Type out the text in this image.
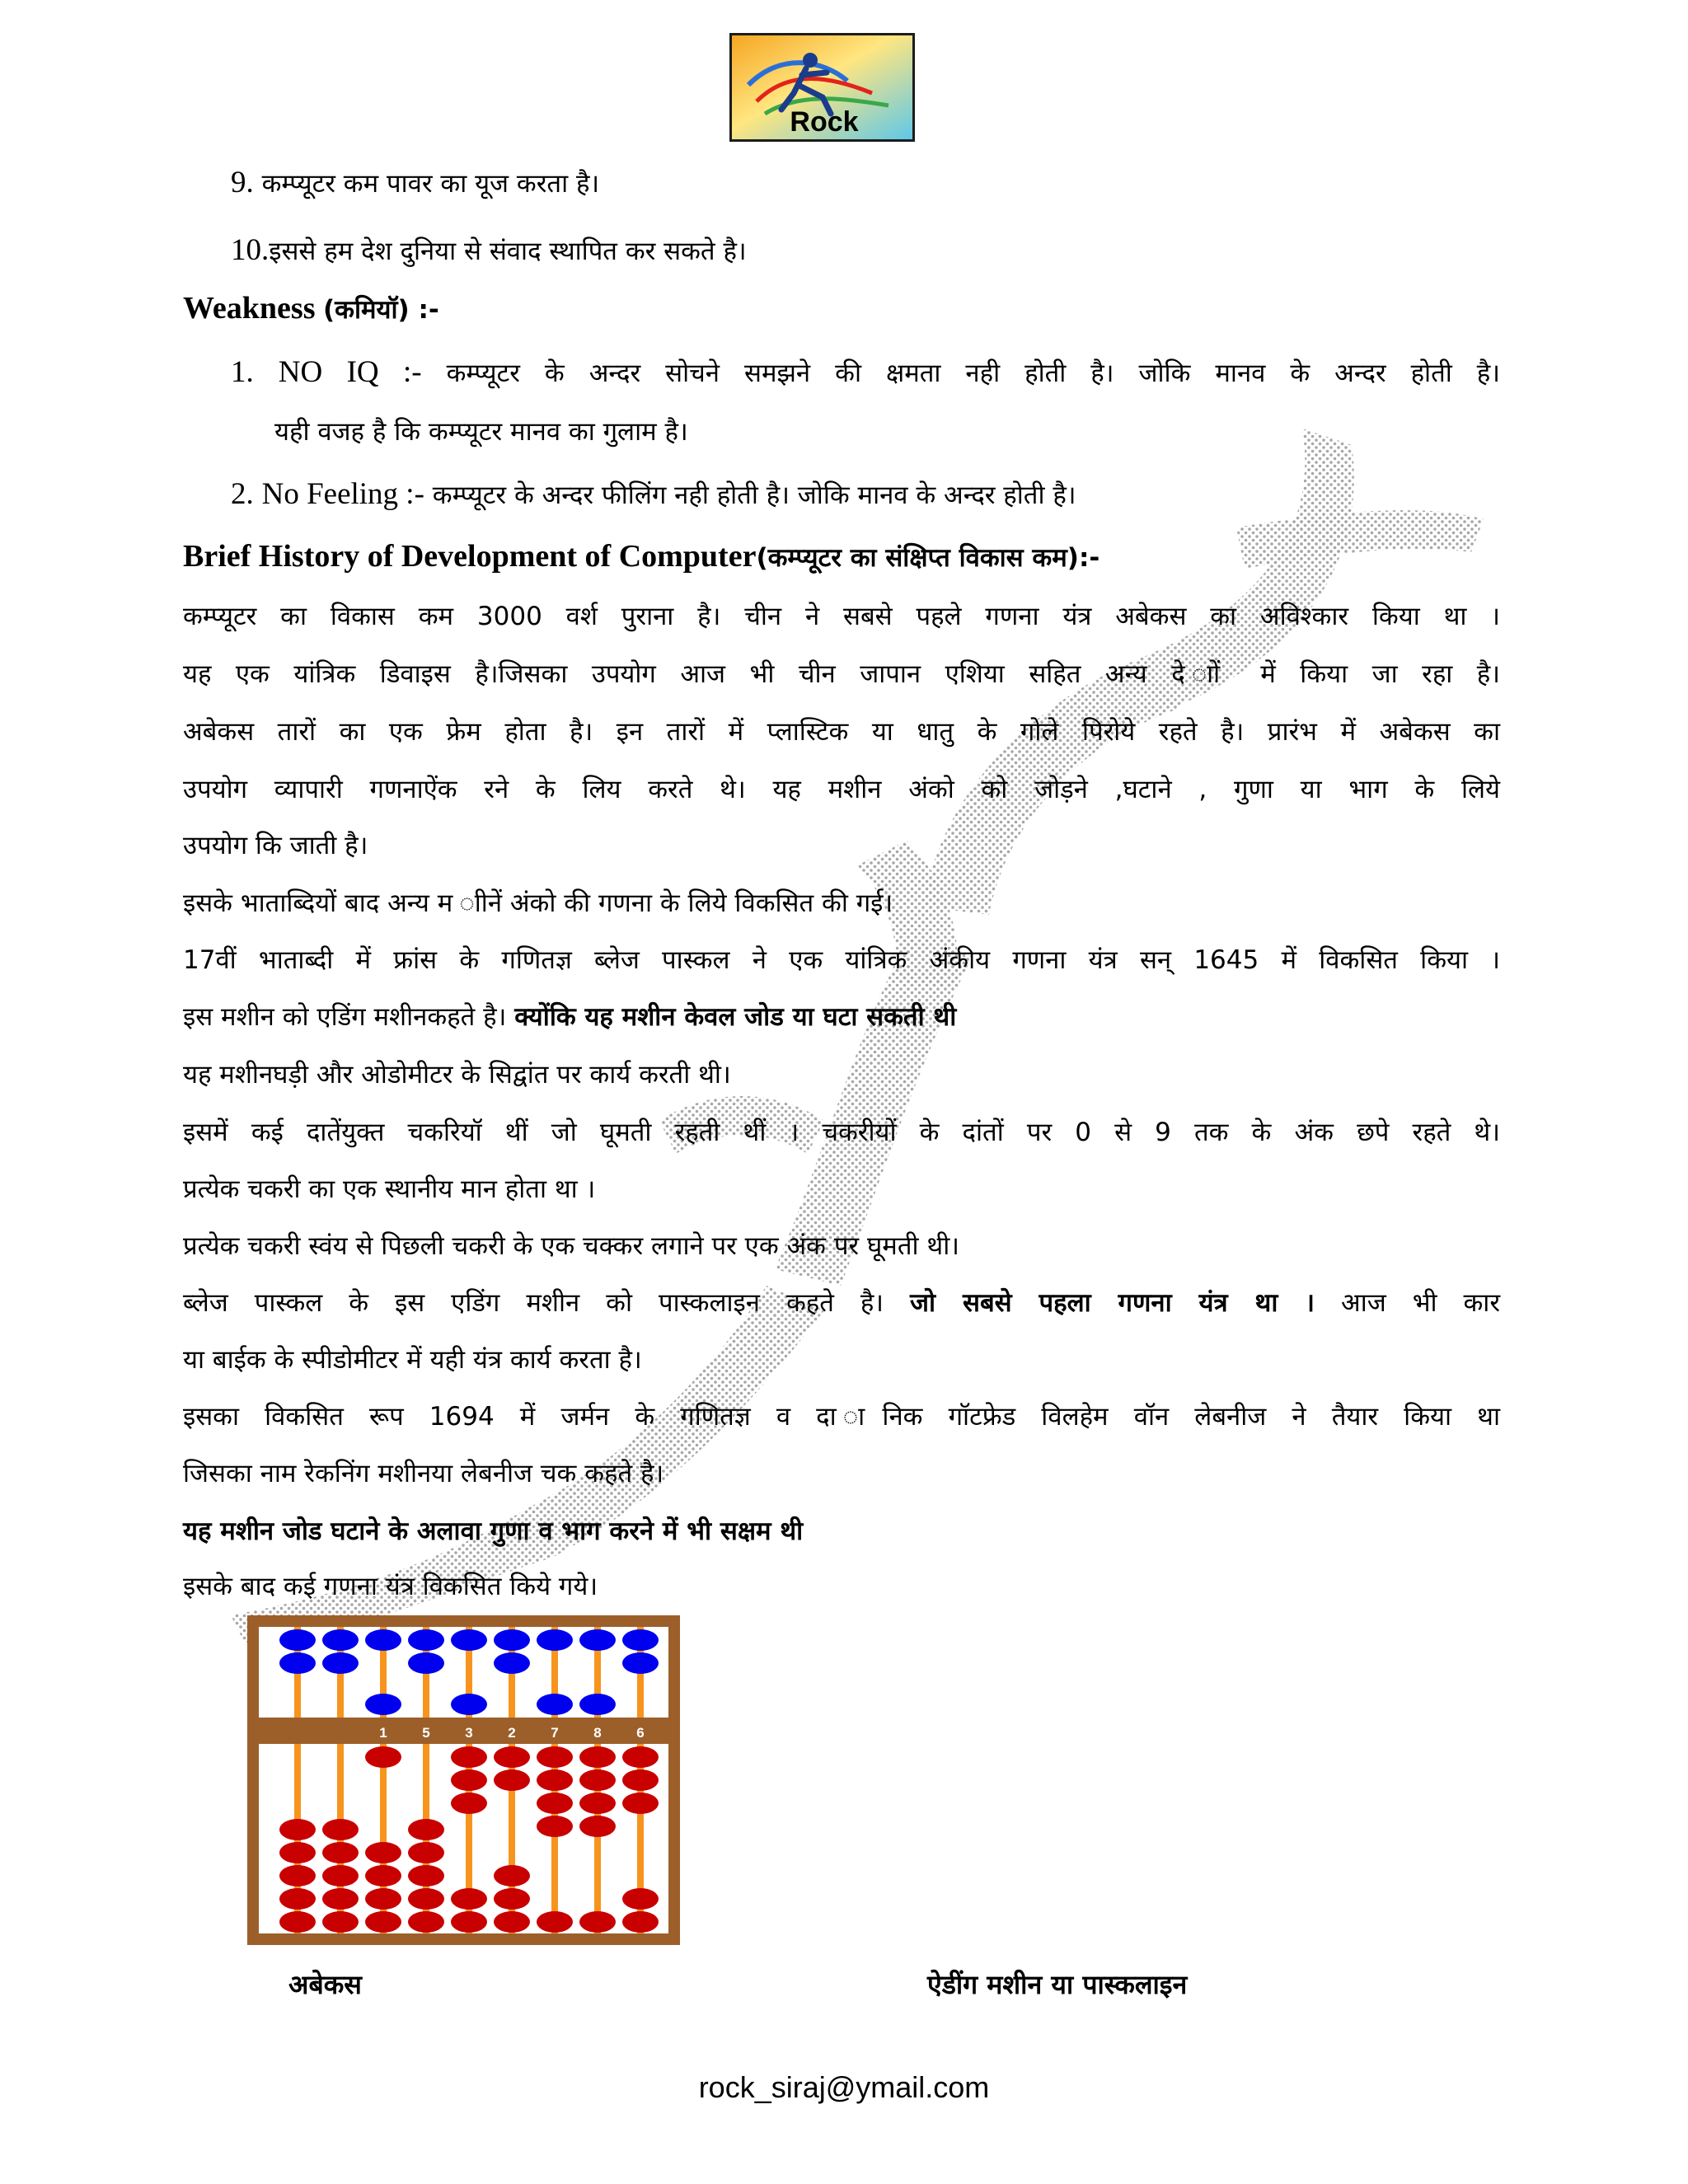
Rock
9. कम्प्यूटर कम पावर का यूज करता है।
10.इससे हम देश दुनिया से संवाद स्थापित कर सकते है।
Weakness (कमियॉ) :-
1. NO IQ :- कम्प्यूटर के अन्दर सोचने समझने की क्षमता नही होती है। जोकि मानव के अन्दर होती है।
यही वजह है कि कम्प्यूटर मानव का गुलाम है।
2. No Feeling :- कम्प्यूटर के अन्दर फीलिंग नही होती है। जोकि मानव के अन्दर होती है।
Brief History of Development of Computer(कम्प्यूटर का संक्षिप्त विकास कम):-
कम्प्यूटर का विकास कम 3000 वर्श पुराना है। चीन ने सबसे पहले गणना यंत्र अबेकस का अविश्कार किया था ।
यह एक यांत्रिक डिवाइस है।जिसका उपयोग आज भी चीन जापान एशिया सहित अन्य दे ाों में किया जा रहा है।
अबेकस तारों का एक फ्रेम होता है। इन तारों में प्लास्टिक या धातु के गोले पिरोये रहते है। प्रारंभ में अबेकस का
उपयोग व्यापारी गणनाऐंक रने के लिय करते थे। यह मशीन अंको को जोड़ने ,घटाने , गुणा या भाग के लिये
उपयोग कि जाती है।
इसके भाताब्दियों बाद अन्य म ाीनें अंको की गणना के लिये विकसित की गई।
17वीं भाताब्दी में फ्रांस के गणितज्ञ ब्लेज पास्कल ने एक यांत्रिक अंकीय गणना यंत्र सन् 1645 में विकसित किया ।
इस मशीन को एडिंग मशीनकहते है। क्योंकि यह मशीन केवल जोड या घटा सकती थी
यह मशीनघड़ी और ओडोमीटर के सिद्वांत पर कार्य करती थी।
इसमें कई दातेंयुक्त चकरियॉ थीं जो घूमती रहती थीं । चकरीयों के दांतों पर 0 से 9 तक के अंक छपे रहते थे।
प्रत्येक चकरी का एक स्थानीय मान होता था ।
प्रत्येक चकरी स्वंय से पिछली चकरी के एक चक्कर लगाने पर एक अंक पर घूमती थी।
ब्लेज पास्कल के इस एडिंग मशीन को पास्कलाइन कहते है। जो सबसे पहला गणना यंत्र था । आज भी कार
या बाईक के स्पीडोमीटर में यही यंत्र कार्य करता है।
इसका विकसित रूप 1694 में जर्मन के गणितज्ञ व दा ानिक गॉटफ्रेड विलहेम वॉन लेबनीज ने तैयार किया था
जिसका नाम रेकनिंग मशीनया लेबनीज चक कहते है।
यह मशीन जोड घटाने के अलावा गुणा व भाग करने में भी सक्षम थी
इसके बाद कई गणना यंत्र विकसित किये गये।
1	5	3	2	7	8	6
अबेकस	ऐडींग मशीन या पास्कलाइन
rock_siraj@ymail.com
